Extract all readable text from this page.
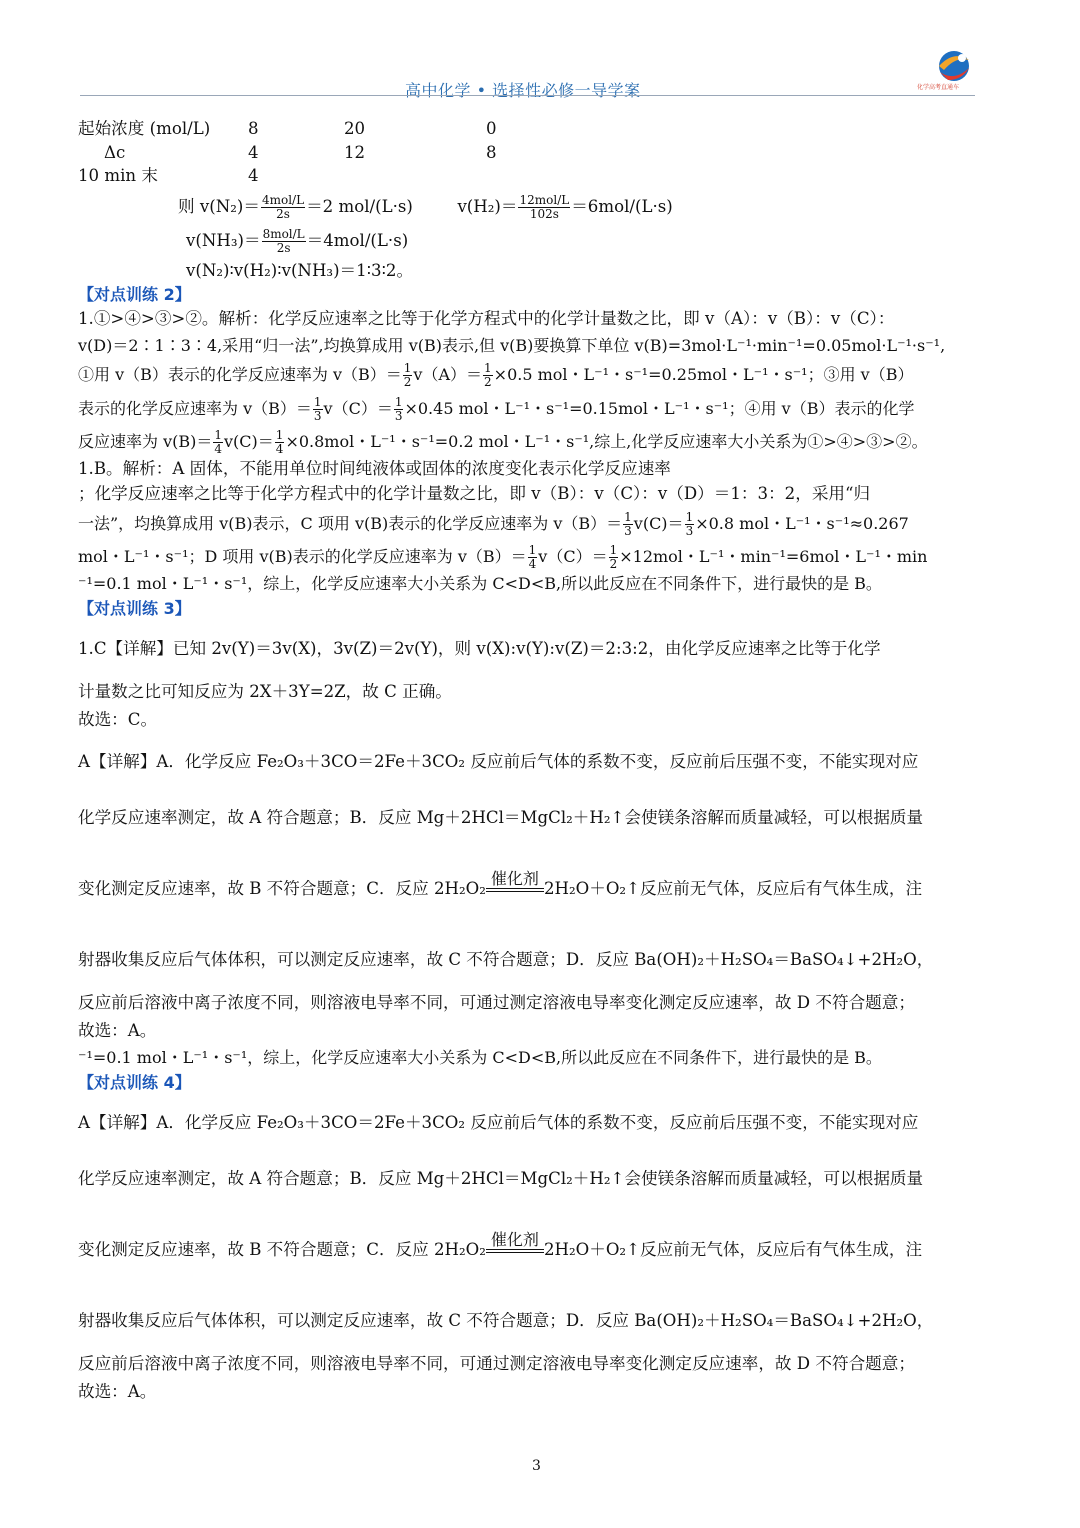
化学高考直通车
高中化学 • 选择性必修一导学案
起始浓度 (mol/L) 8	20	0
Δc	4	12	8
10 min 末	4
则 $v(N_2)= \frac{\text{4mol/L}}{2s} =2$ mol/(L·s)	$v(H_2)= \frac{\text{12mol/L}}{102s} =6mol/(L\cdot s)$
$v(NH_3)= \frac{\text{8mol/L}}{2s} =4mol/(L\cdot s)$
v(N₂)∶v(H₂)∶v(NH₃)＝1∶3∶2。
【对点训练 2】
1.①>④>③>②。解析：化学反应速率之比等于化学方程式中的化学计量数之比，即 v（A）：v（B）：v（C）：
v(D)＝2∶1∶3∶4,采用“归一法”,均换算成用 v(B)表示,但 v(B)要换算下单位 v(B)=3mol·L⁻¹·min⁻¹=0.05mol·L⁻¹·s⁻¹,
①用 v（B）表示的化学反应速率为 $v(B)= \frac{1}{2} v(A)= \frac{1}{2} \times 0.5$ mol・L⁻¹・s⁻¹=0.25mol・L⁻¹・s⁻¹；③用 v（B）
表示的化学反应速率为 $v(B)= \frac{1}{3} v(C)= \frac{1}{3} \times 0.45$ mol・L⁻¹・s⁻¹=0.15mol・L⁻¹・s⁻¹；④用 v（B）表示的化学
反应速率为 $v(B)= \frac{1}{4} v(C)= \frac{1}{4} \times 0.8mol$・L⁻¹・s⁻¹=0.2 mol・L⁻¹・s⁻¹,综上,化学反应速率大小关系为①>④>③>②。
1.B。解析：A 固体，不能用单位时间纯液体或固体的浓度变化表示化学反应速率
；化学反应速率之比等于化学方程式中的化学计量数之比，即 v（B）：v（C）：v（D）＝1：3：2，采用“归
一法”，均换算成用 v(B)表示，C 项用 v(B)表示的化学反应速率为 $v(B)= \frac{1}{3} v(C)= \frac{1}{3} \times 0.8$ mol・L⁻¹・s⁻¹≈0.267
mol・L⁻¹・s⁻¹；D 项用 v(B)表示的化学反应速率为 $v(B)= \frac{1}{4} v(C)= \frac{1}{2} \times 12mol$・L⁻¹・min⁻¹=6mol・L⁻¹・min
⁻¹=0.1 mol・L⁻¹・s⁻¹，综上，化学反应速率大小关系为 C<D<B,所以此反应在不同条件下，进行最快的是 B。
【对点训练 3】
1.C【详解】已知 2v(Y)＝3v(X)，3v(Z)＝2v(Y)，则 v(X):v(Y):v(Z)＝2:3:2，由化学反应速率之比等于化学
计量数之比可知反应为 2X＋3Y=2Z，故 C 正确。
故选：C。
A【详解】A．化学反应 Fe₂O₃＋3CO＝2Fe＋3CO₂ 反应前后气体的系数不变，反应前后压强不变，不能实现对应
化学反应速率测定，故 A 符合题意；B．反应 Mg＋2HCl＝MgCl₂＋H₂↑会使镁条溶解而质量减轻，可以根据质量
变化测定反应速率，故 B 不符合题意；C．反应 2H₂O₂
催化剂
2H₂O＋O₂↑反应前无气体，反应后有气体生成，注
射器收集反应后气体体积，可以测定反应速率，故 C 不符合题意；D．反应 Ba(OH)₂＋H₂SO₄＝BaSO₄↓+2H₂O，
反应前后溶液中离子浓度不同，则溶液电导率不同，可通过测定溶液电导率变化测定反应速率，故 D 不符合题意；
故选：A。
⁻¹=0.1 mol・L⁻¹・s⁻¹，综上，化学反应速率大小关系为 C<D<B,所以此反应在不同条件下，进行最快的是 B。
【对点训练 4】
A【详解】A．化学反应 Fe₂O₃＋3CO＝2Fe＋3CO₂ 反应前后气体的系数不变，反应前后压强不变，不能实现对应
化学反应速率测定，故 A 符合题意；B．反应 Mg＋2HCl＝MgCl₂＋H₂↑会使镁条溶解而质量减轻，可以根据质量
变化测定反应速率，故 B 不符合题意；C．反应 2H₂O₂
催化剂
2H₂O＋O₂↑反应前无气体，反应后有气体生成，注
射器收集反应后气体体积，可以测定反应速率，故 C 不符合题意；D．反应 Ba(OH)₂＋H₂SO₄＝BaSO₄↓+2H₂O，
反应前后溶液中离子浓度不同，则溶液电导率不同，可通过测定溶液电导率变化测定反应速率，故 D 不符合题意；
故选：A。
3
